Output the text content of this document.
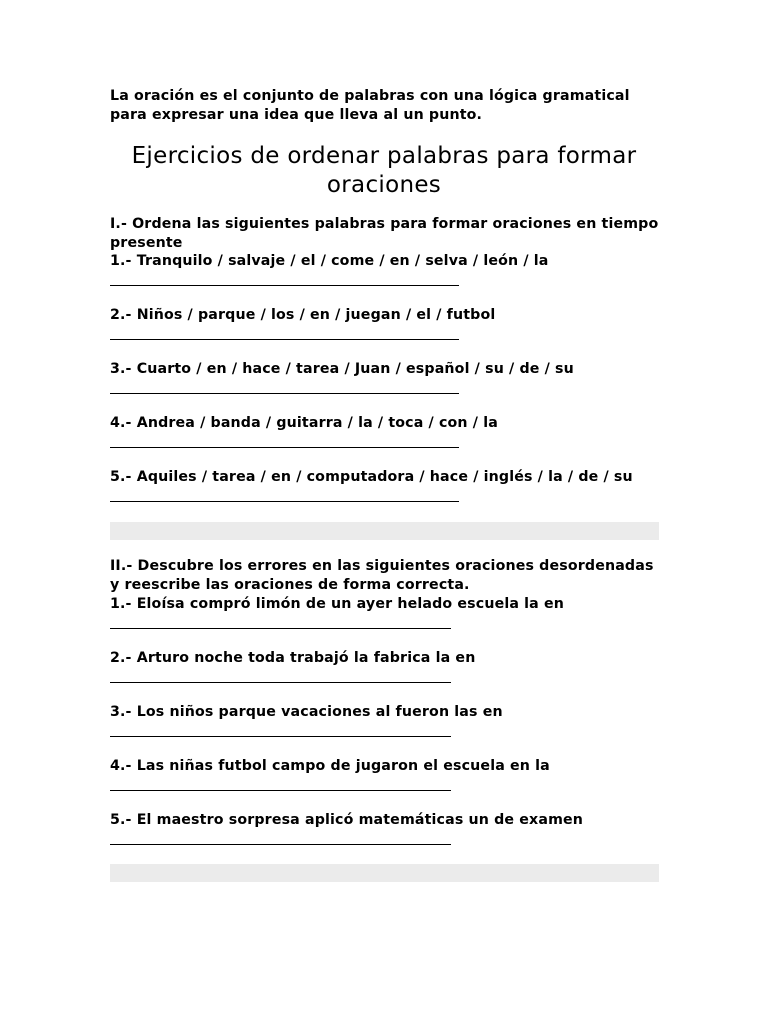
La oración es el conjunto de palabras con una lógica gramatical
para expresar una idea que lleva al un punto.
Ejercicios de ordenar palabras para formar oraciones
I.- Ordena las siguientes palabras para formar oraciones en tiempo
presente
1.- Tranquilo / salvaje / el / come / en / selva / león / la
2.- Niños / parque / los / en / juegan / el / futbol
3.- Cuarto / en / hace / tarea / Juan / español / su / de / su
4.- Andrea / banda / guitarra / la / toca / con / la
5.- Aquiles / tarea / en / computadora / hace / inglés / la / de / su
II.- Descubre los errores en las siguientes oraciones desordenadas
y reescribe las oraciones de forma correcta.
1.- Eloísa compró limón de un ayer helado escuela la en
2.- Arturo noche toda trabajó la fabrica la en
3.- Los niños parque vacaciones al fueron las en
4.- Las niñas futbol campo de jugaron el escuela en la
5.- El maestro sorpresa aplicó matemáticas un de examen
